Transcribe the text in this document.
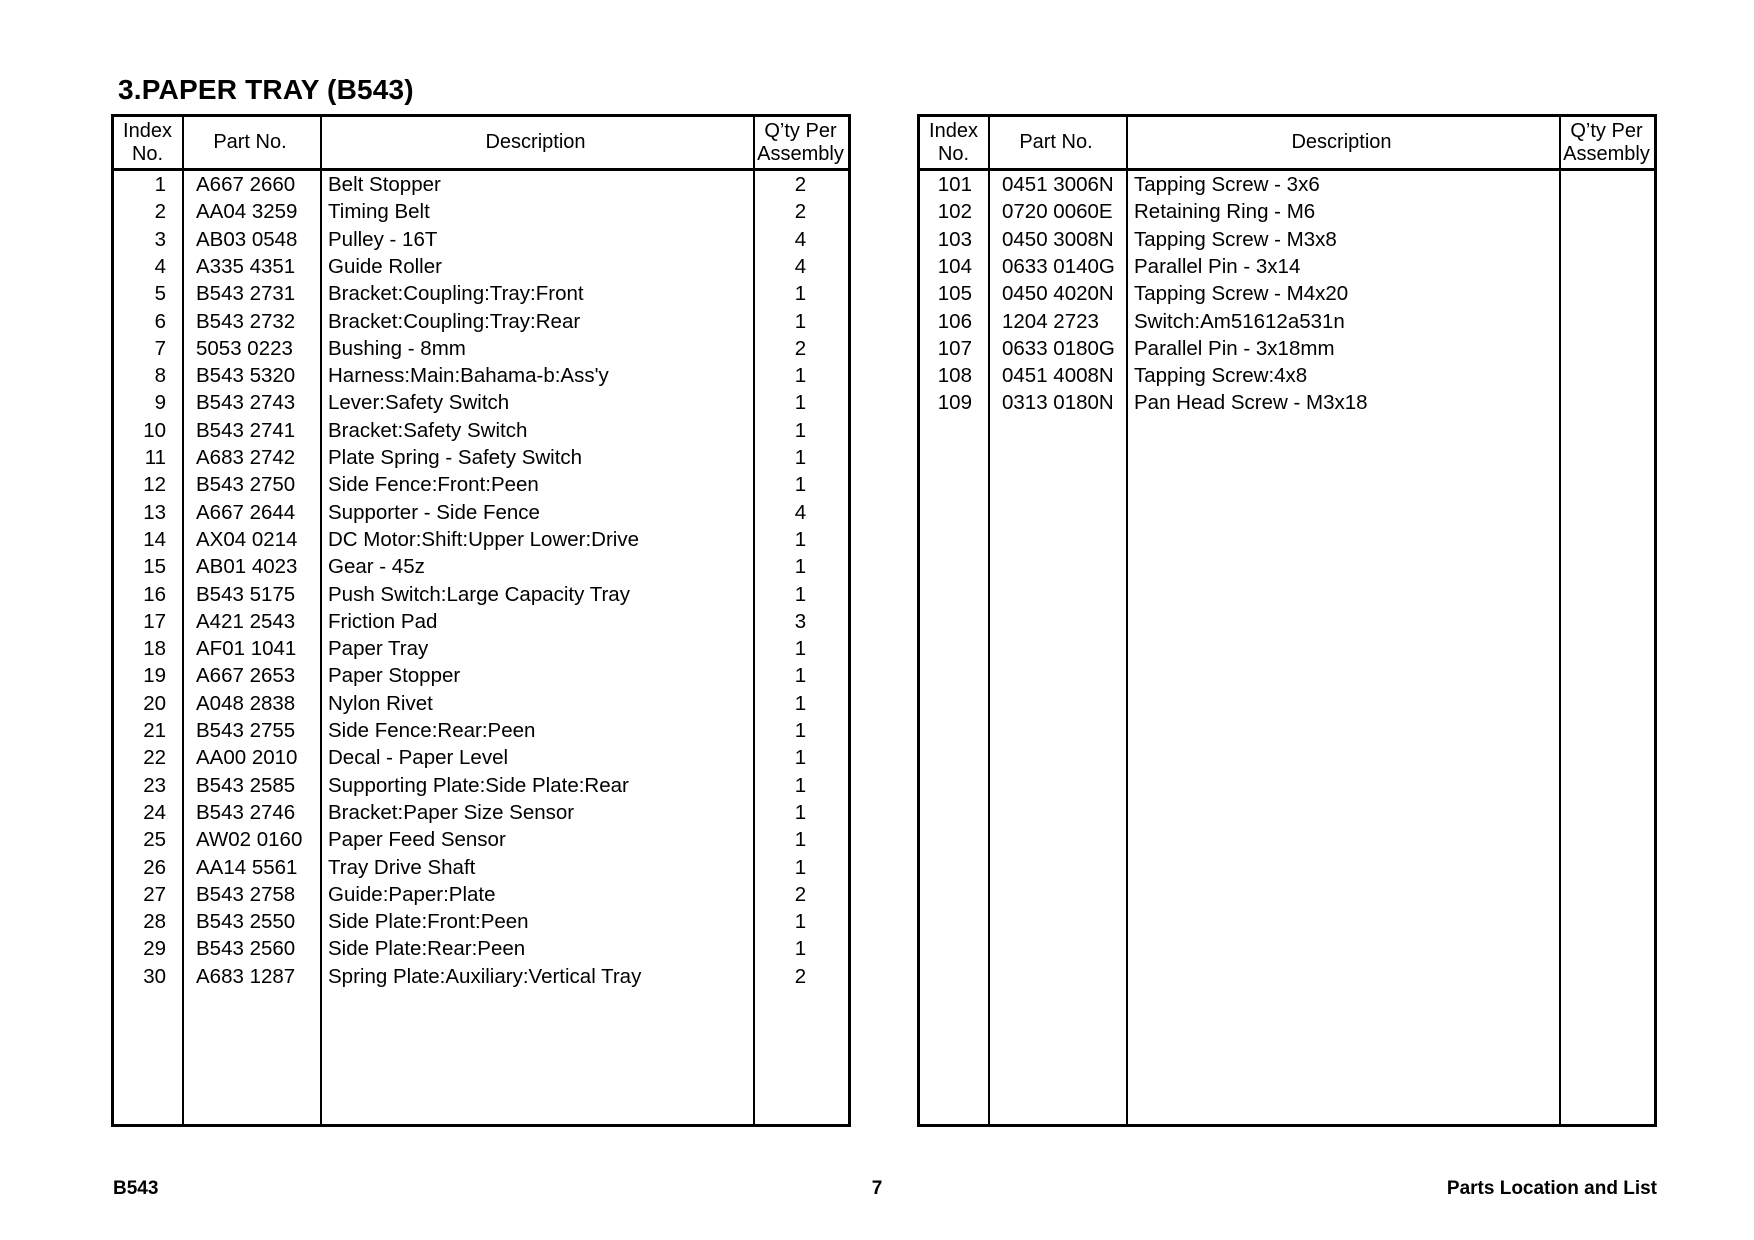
3.PAPER TRAY (B543)
Index
No.
Part No.	Description
Q’ty Per
Assembly
1 A667 2660	Belt Stopper	2
2 AA04 3259	Timing Belt	2
3 AB03 0548	Pulley - 16T	4
4 A335 4351	Guide Roller	4
5 B543 2731	Bracket:Coupling:Tray:Front	1
6 B543 2732	Bracket:Coupling:Tray:Rear	1
7 5053 0223	Bushing - 8mm	2
8 B543 5320	Harness:Main:Bahama-b:Ass'y	1
9 B543 2743	Lever:Safety Switch	1
10 B543 2741	Bracket:Safety Switch	1
11 A683 2742	Plate Spring - Safety Switch	1
12 B543 2750	Side Fence:Front:Peen	1
13 A667 2644	Supporter - Side Fence	4
14 AX04 0214	DC Motor:Shift:Upper Lower:Drive	1
15 AB01 4023	Gear - 45z	1
16 B543 5175	Push Switch:Large Capacity Tray	1
17 A421 2543	Friction Pad	3
18 AF01 1041	Paper Tray	1
19 A667 2653	Paper Stopper	1
20 A048 2838	Nylon Rivet	1
21 B543 2755	Side Fence:Rear:Peen	1
22 AA00 2010	Decal - Paper Level	1
23 B543 2585	Supporting Plate:Side Plate:Rear	1
24 B543 2746	Bracket:Paper Size Sensor	1
25 AW02 0160	Paper Feed Sensor	1
26 AA14 5561	Tray Drive Shaft	1
27 B543 2758	Guide:Paper:Plate	2
28 B543 2550	Side Plate:Front:Peen	1
29 B543 2560	Side Plate:Rear:Peen	1
30 A683 1287	Spring Plate:Auxiliary:Vertical Tray	2
Index
No.
Part No.	Description
Q’ty Per
Assembly
101 0451 3006N Tapping Screw - 3x6
102 0720 0060E	Retaining Ring - M6
103 0450 3008N Tapping Screw - M3x8
104 0633 0140G Parallel Pin - 3x14
105 0450 4020N Tapping Screw - M4x20
106 1204 2723	Switch:Am51612a531n
107 0633 0180G Parallel Pin - 3x18mm
108 0451 4008N Tapping Screw:4x8
109 0313 0180N Pan Head Screw - M3x18
B543	7	Parts Location and List
